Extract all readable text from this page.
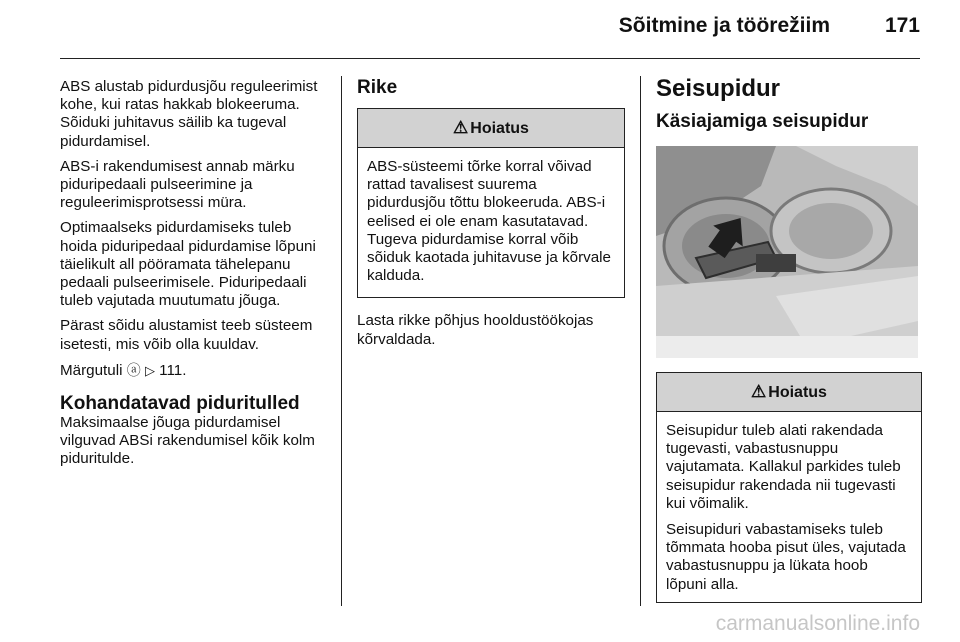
Sõitmine ja töörežiim	171

ABS alustab pidurdusjõu reguleerimist kohe, kui ratas hakkab blokeeruma. Sõiduki juhitavus säilib ka tugeval pidurdamisel.

ABS-i rakendumisest annab märku piduripedaali pulseerimine ja reguleerimisprotsessi müra.

Optimaalseks pidurdamiseks tuleb hoida piduripedaal pidurdamise lõpuni täielikult all pööramata tähelepanu pedaali pulseerimisele. Piduripedaali tuleb vajutada muutumatu jõuga.

Pärast sõidu alustamist teeb süsteem isetesti, mis võib olla kuuldav.

Märgutuli ⓐ ▷ 111.

Kohandatavad piduritulled

Maksimaalse jõuga pidurdamisel vilguvad ABSi rakendumisel kõik kolm piduritulde.

Rike
⚠ Hoiatus

ABS-süsteemi tõrke korral võivad rattad tavalisest suurema pidurdusjõu tõttu blokeeruda. ABS-i eelised ei ole enam kasutatavad. Tugeva pidurdamise korral võib sõiduk kaotada juhitavuse ja kõrvale kalduda.

Lasta rikke põhjus hooldustöökojas kõrvaldada.

Seisupidur
Käsiajamiga seisupidur
⚠ Hoiatus

Seisupidur tuleb alati rakendada tugevasti, vabastusnuppu vajutamata. Kallakul parkides tuleb seisupidur rakendada nii tugevasti kui võimalik.

Seisupiduri vabastamiseks tuleb tõmmata hooba pisut üles, vajutada vabastusnuppu ja lükata hoob lõpuni alla.

carmanualsonline.info
